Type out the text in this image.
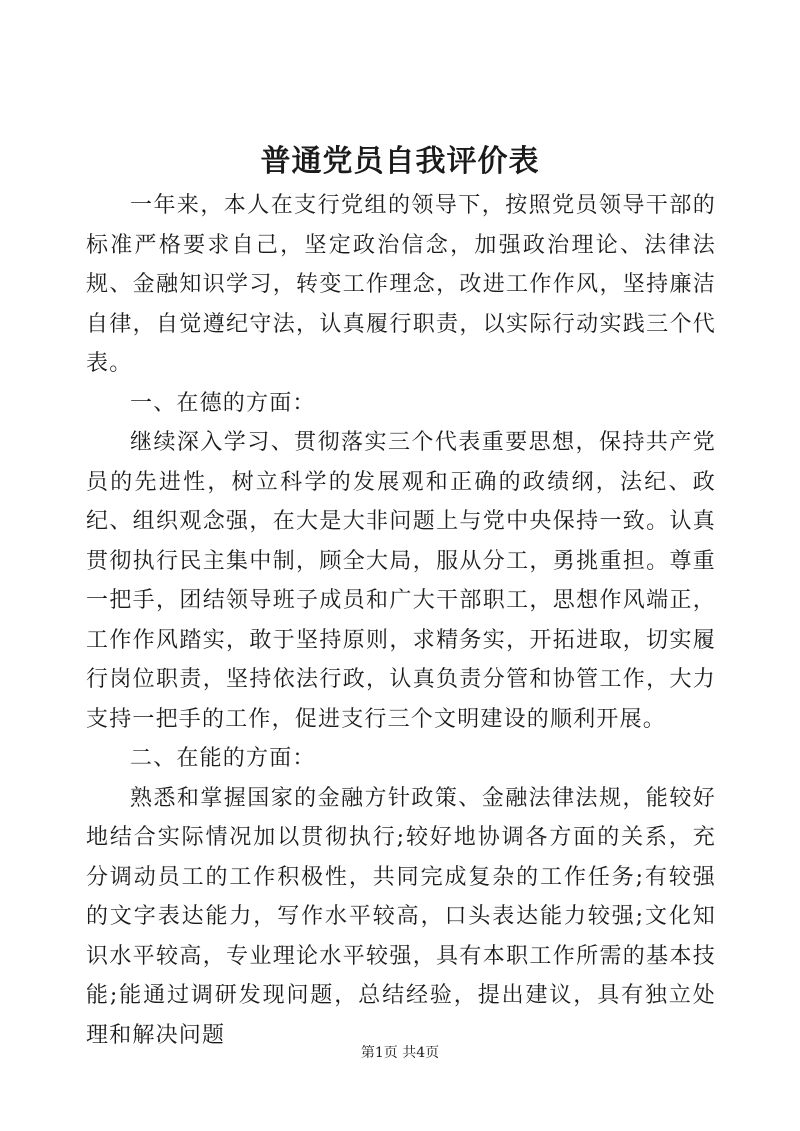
普通党员自我评价表

一年来，本人在支行党组的领导下，按照党员领导干部的标准严格要求自己，坚定政治信念，加强政治理论、法律法规、金融知识学习，转变工作理念，改进工作作风，坚持廉洁自律，自觉遵纪守法，认真履行职责，以实际行动实践三个代表。

一、在德的方面：

继续深入学习、贯彻落实三个代表重要思想，保持共产党员的先进性，树立科学的发展观和正确的政绩纲，法纪、政纪、组织观念强，在大是大非问题上与党中央保持一致。认真贯彻执行民主集中制，顾全大局，服从分工，勇挑重担。尊重一把手，团结领导班子成员和广大干部职工，思想作风端正，工作作风踏实，敢于坚持原则，求精务实，开拓进取，切实履行岗位职责，坚持依法行政，认真负责分管和协管工作，大力支持一把手的工作，促进支行三个文明建设的顺利开展。

二、在能的方面：

熟悉和掌握国家的金融方针政策、金融法律法规，能较好地结合实际情况加以贯彻执行;较好地协调各方面的关系，充分调动员工的工作积极性，共同完成复杂的工作任务;有较强的文字表达能力，写作水平较高，口头表达能力较强;文化知识水平较高，专业理论水平较强，具有本职工作所需的基本技能;能通过调研发现问题，总结经验，提出建议，具有独立处理和解决问题

第1页 共4页
